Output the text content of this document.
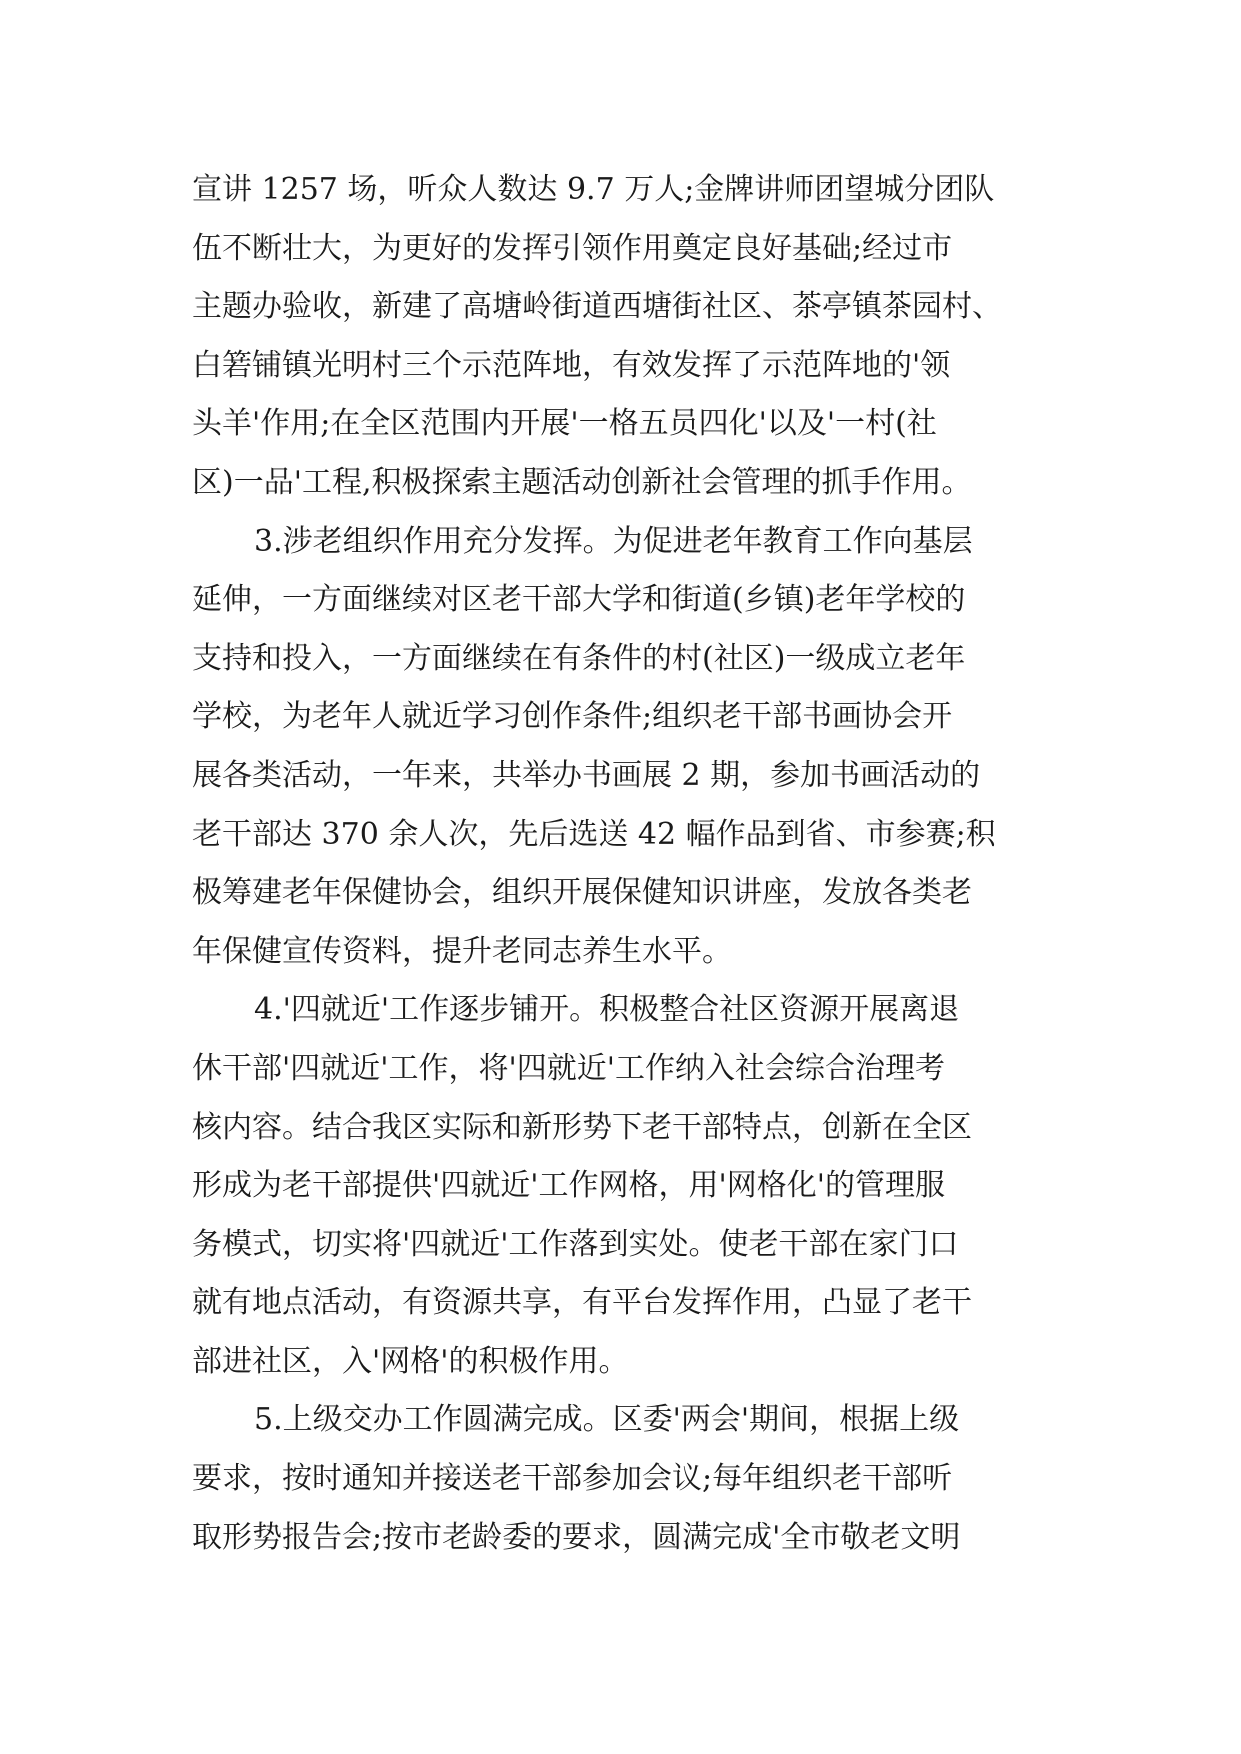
宣讲 1257 场，听众人数达 9.7 万人;金牌讲师团望城分团队
伍不断壮大，为更好的发挥引领作用奠定良好基础;经过市
主题办验收，新建了高塘岭街道西塘街社区、茶亭镇茶园村、
白箬铺镇光明村三个示范阵地，有效发挥了示范阵地的'领
头羊'作用;在全区范围内开展'一格五员四化'以及'一村(社
区)一品'工程,积极探索主题活动创新社会管理的抓手作用。
3.涉老组织作用充分发挥。为促进老年教育工作向基层
延伸，一方面继续对区老干部大学和街道(乡镇)老年学校的
支持和投入，一方面继续在有条件的村(社区)一级成立老年
学校，为老年人就近学习创作条件;组织老干部书画协会开
展各类活动，一年来，共举办书画展 2 期，参加书画活动的
老干部达 370 余人次，先后选送 42 幅作品到省、市参赛;积
极筹建老年保健协会，组织开展保健知识讲座，发放各类老
年保健宣传资料，提升老同志养生水平。
4.'四就近'工作逐步铺开。积极整合社区资源开展离退
休干部'四就近'工作，将'四就近'工作纳入社会综合治理考
核内容。结合我区实际和新形势下老干部特点，创新在全区
形成为老干部提供'四就近'工作网格，用'网格化'的管理服
务模式，切实将'四就近'工作落到实处。使老干部在家门口
就有地点活动，有资源共享，有平台发挥作用，凸显了老干
部进社区，入'网格'的积极作用。
5.上级交办工作圆满完成。区委'两会'期间，根据上级
要求，按时通知并接送老干部参加会议;每年组织老干部听
取形势报告会;按市老龄委的要求，圆满完成'全市敬老文明
